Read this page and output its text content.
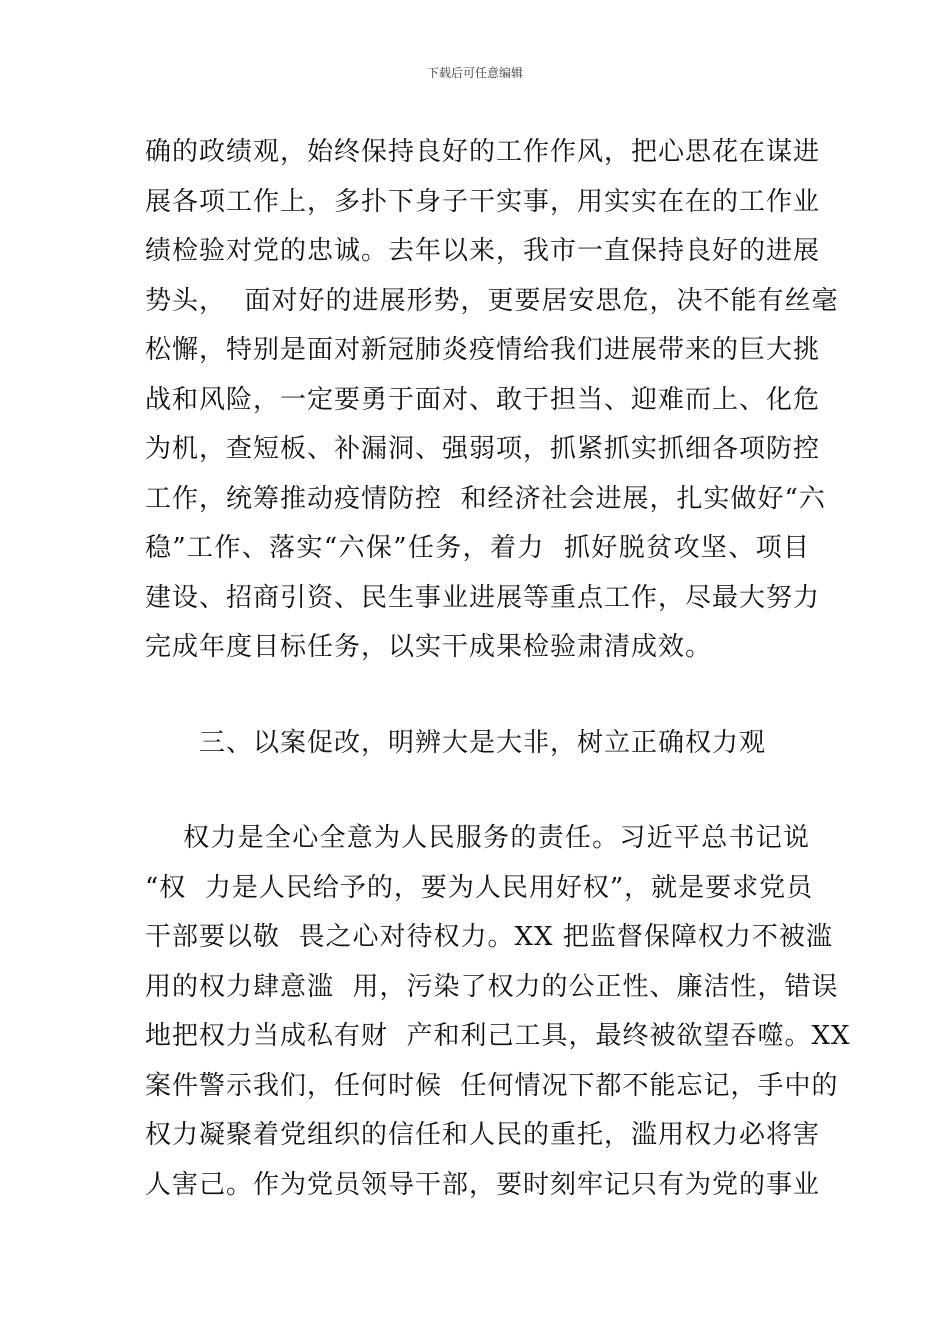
下载后可任意编辑
确的政绩观，始终保持良好的工作作风，把心思花在谋进
展各项工作上，多扑下身子干实事，用实实在在的工作业
绩检验对党的忠诚。去年以来，我市一直保持良好的进展
势头，  面对好的进展形势，更要居安思危，决不能有丝毫
松懈，特别是面对新冠肺炎疫情给我们进展带来的巨大挑
战和风险，一定要勇于面对、敢于担当、迎难而上、化危
为机，查短板、补漏洞、强弱项，抓紧抓实抓细各项防控
工作，统筹推动疫情防控  和经济社会进展，扎实做好“六
稳”工作、落实“六保”任务，着力  抓好脱贫攻坚、项目
建设、招商引资、民生事业进展等重点工作，尽最大努力
完成年度目标任务，以实干成果检验肃清成效。
三、以案促改，明辨大是大非，树立正确权力观
权力是全心全意为人民服务的责任。习近平总书记说
“权  力是人民给予的，要为人民用好权”，就是要求党员
干部要以敬  畏之心对待权力。XX 把监督保障权力不被滥
用的权力肆意滥  用，污染了权力的公正性、廉洁性，错误
地把权力当成私有财  产和利己工具，最终被欲望吞噬。XX
案件警示我们，任何时候  任何情况下都不能忘记，手中的
权力凝聚着党组织的信任和人民的重托，滥用权力必将害
人害己。作为党员领导干部，要时刻牢记只有为党的事业
